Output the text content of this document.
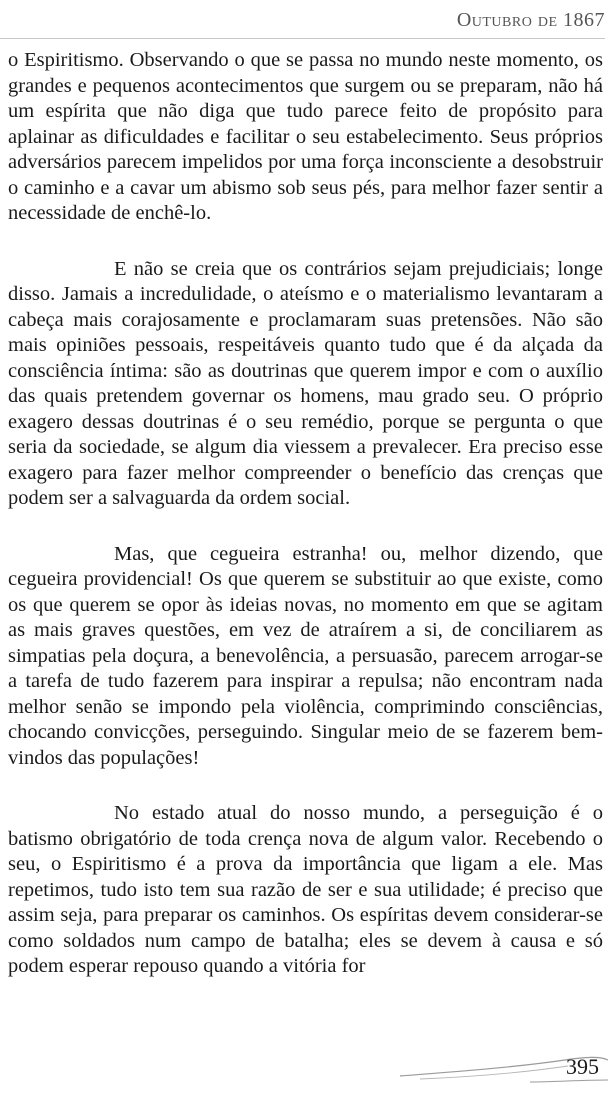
Outubro de 1867

o Espiritismo. Observando o que se passa no mundo neste momento, os grandes e pequenos acontecimentos que surgem ou se preparam, não há um espírita que não diga que tudo parece feito de propósito para aplainar as dificuldades e facilitar o seu estabelecimento. Seus próprios adversários parecem impelidos por uma força inconsciente a desobstruir o caminho e a cavar um abismo sob seus pés, para melhor fazer sentir a necessidade de enchê-lo.

E não se creia que os contrários sejam prejudiciais; longe disso. Jamais a incredulidade, o ateísmo e o materialismo levantaram a cabeça mais corajosamente e proclamaram suas pretensões. Não são mais opiniões pessoais, respeitáveis quanto tudo que é da alçada da consciência íntima: são as doutrinas que querem impor e com o auxílio das quais pretendem governar os homens, mau grado seu. O próprio exagero dessas doutrinas é o seu remédio, porque se pergunta o que seria da sociedade, se algum dia viessem a prevalecer. Era preciso esse exagero para fazer melhor compreender o benefício das crenças que podem ser a salvaguarda da ordem social.

Mas, que cegueira estranha! ou, melhor dizendo, que cegueira providencial! Os que querem se substituir ao que existe, como os que querem se opor às ideias novas, no momento em que se agitam as mais graves questões, em vez de atraírem a si, de conciliarem as simpatias pela doçura, a benevolência, a persuasão, parecem arrogar-se a tarefa de tudo fazerem para inspirar a repulsa; não encontram nada melhor senão se impondo pela violência, comprimindo consciências, chocando convicções, perseguindo. Singular meio de se fazerem bem-vindos das populações!

No estado atual do nosso mundo, a perseguição é o batismo obrigatório de toda crença nova de algum valor. Recebendo o seu, o Espiritismo é a prova da importância que ligam a ele. Mas repetimos, tudo isto tem sua razão de ser e sua utilidade; é preciso que assim seja, para preparar os caminhos. Os espíritas devem considerar-se como soldados num campo de batalha; eles se devem à causa e só podem esperar repouso quando a vitória for

395
